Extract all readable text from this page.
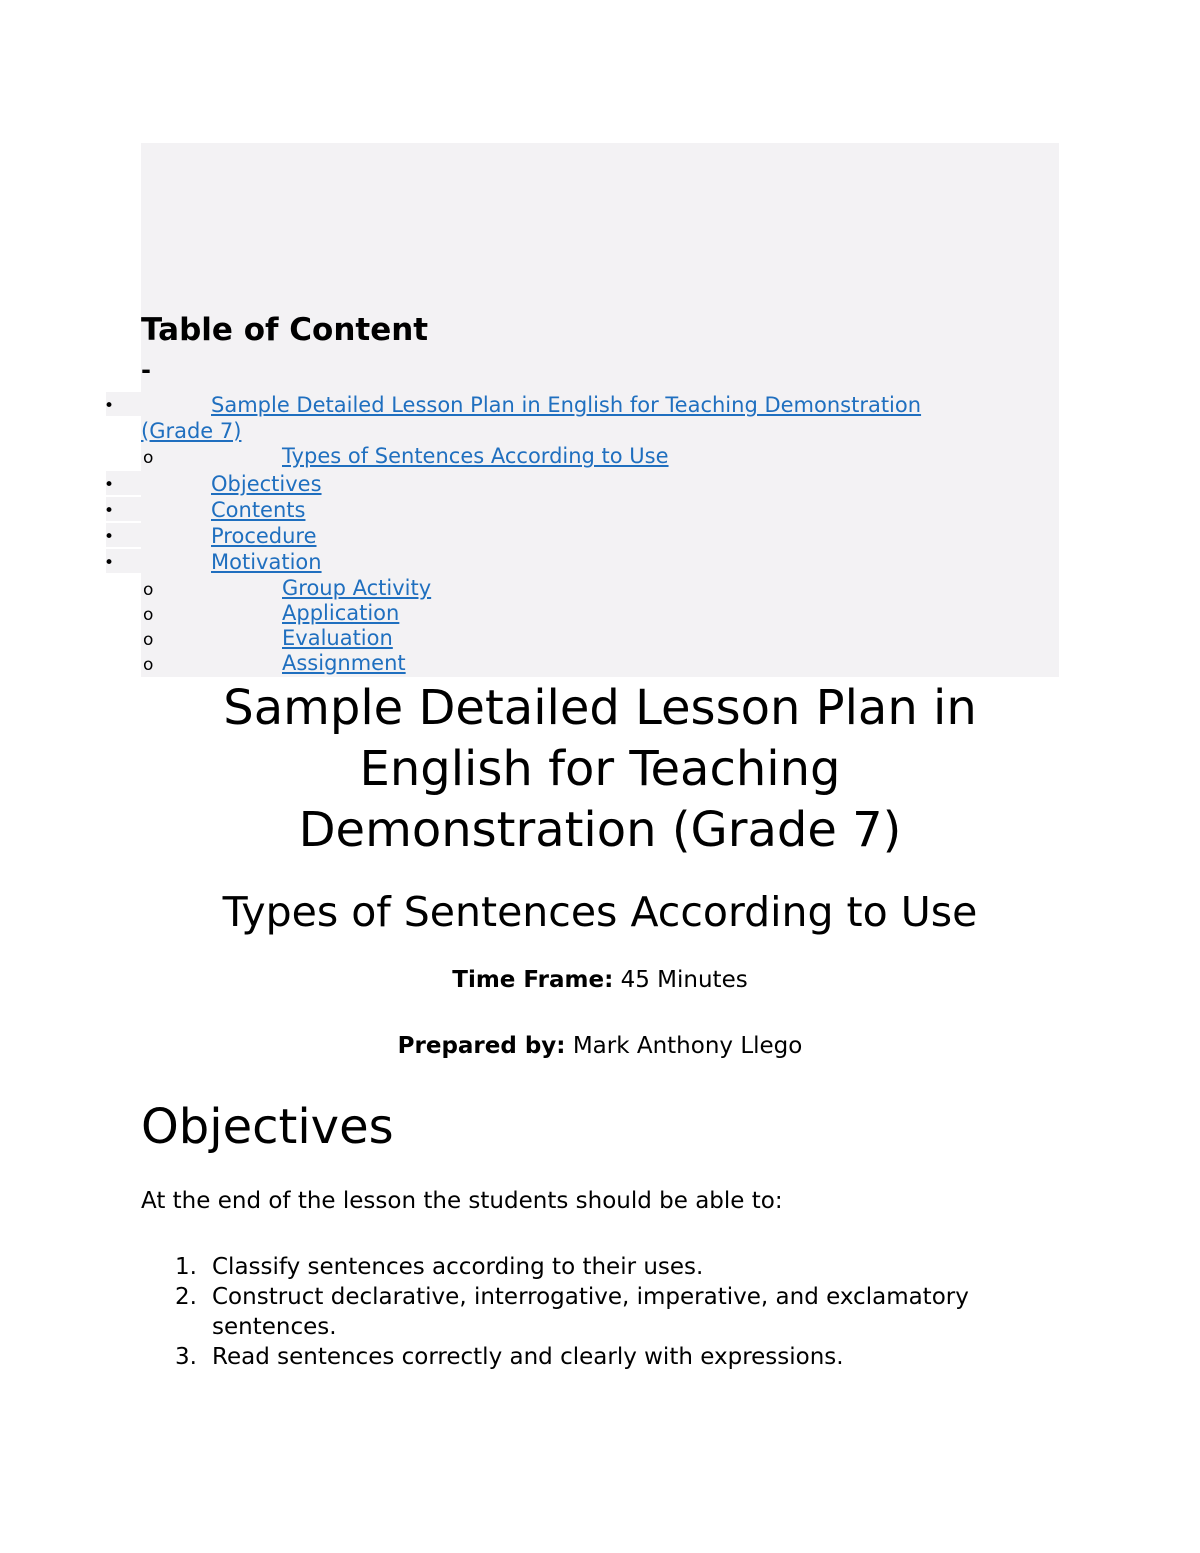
Table of Content
-
•	Sample Detailed Lesson Plan in English for Teaching Demonstration
(Grade 7)
o	Types of Sentences According to Use
•	Objectives
•	Contents
•	Procedure
•	Motivation
o	Group Activity
o	Application
o	Evaluation
o	Assignment
Sample Detailed Lesson Plan in
English for Teaching
Demonstration (Grade 7)
Types of Sentences According to Use
Time Frame: 45 Minutes
Prepared by: Mark Anthony Llego
Objectives
At the end of the lesson the students should be able to:
1. Classify sentences according to their uses.
2. Construct declarative, interrogative, imperative, and exclamatory
sentences.
3. Read sentences correctly and clearly with expressions.
